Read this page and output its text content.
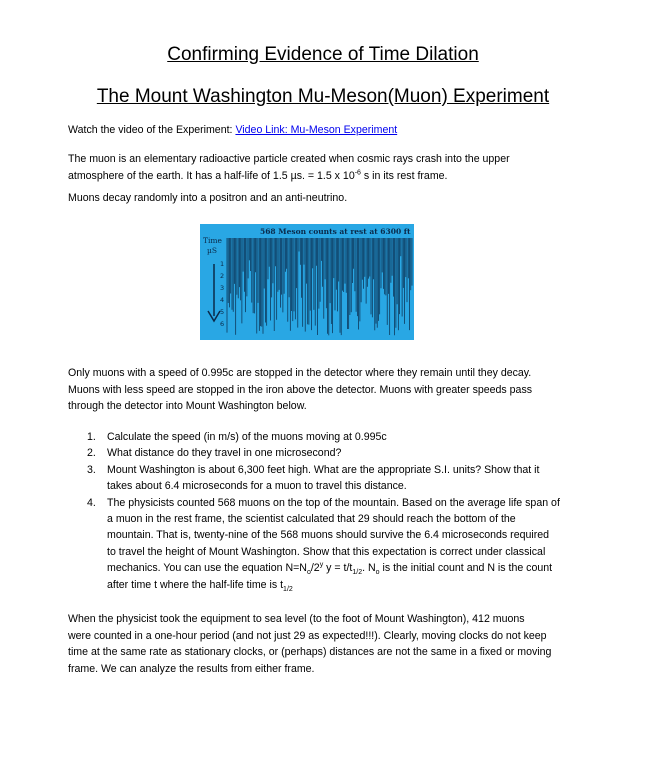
Confirming Evidence of Time Dilation
The Mount Washington Mu-Meson(Muon) Experiment

Watch the video of the Experiment: Video Link: Mu-Meson Experiment

The muon is an elementary radioactive particle created when cosmic rays crash into the upper
atmosphere of the earth. It has a half-life of 1.5 µs. = 1.5 x $10^{-6}$ s in its rest frame.

Muons decay randomly into a positron and an anti-neutrino.

568 Meson counts at rest at 6300 ft
Time
µS
1
2
3
4
5
6

Only muons with a speed of 0.995c are stopped in the detector where they remain until they decay.
Muons with less speed are stopped in the iron above the detector. Muons with greater speeds pass
through the detector into Mount Washington below.

1. Calculate the speed (in m/s) of the muons moving at 0.995c
2. What distance do they travel in one microsecond?
3. Mount Washington is about 6,300 feet high. What are the appropriate S.I. units? Show that it
takes about 6.4 microseconds for a muon to travel this distance.
4. The physicists counted 568 muons on the top of the mountain. Based on the average life span of
a muon in the rest frame, the scientist calculated that 29 should reach the bottom of the
mountain. That is, twenty-nine of the 568 muons should survive the 6.4 microseconds required
to travel the height of Mount Washington. Show that this expectation is correct under classical
mechanics. You can use the equation $N=N_o/2^y$ $y = t/t_{1/2}$. $N_o$ is the initial count and N is the count
after time t where the half-life time is $t_{1/2}$

When the physicist took the equipment to sea level (to the foot of Mount Washington), 412 muons
were counted in a one-hour period (and not just 29 as expected!!!). Clearly, moving clocks do not keep
time at the same rate as stationary clocks, or (perhaps) distances are not the same in a fixed or moving
frame. We can analyze the results from either frame.
